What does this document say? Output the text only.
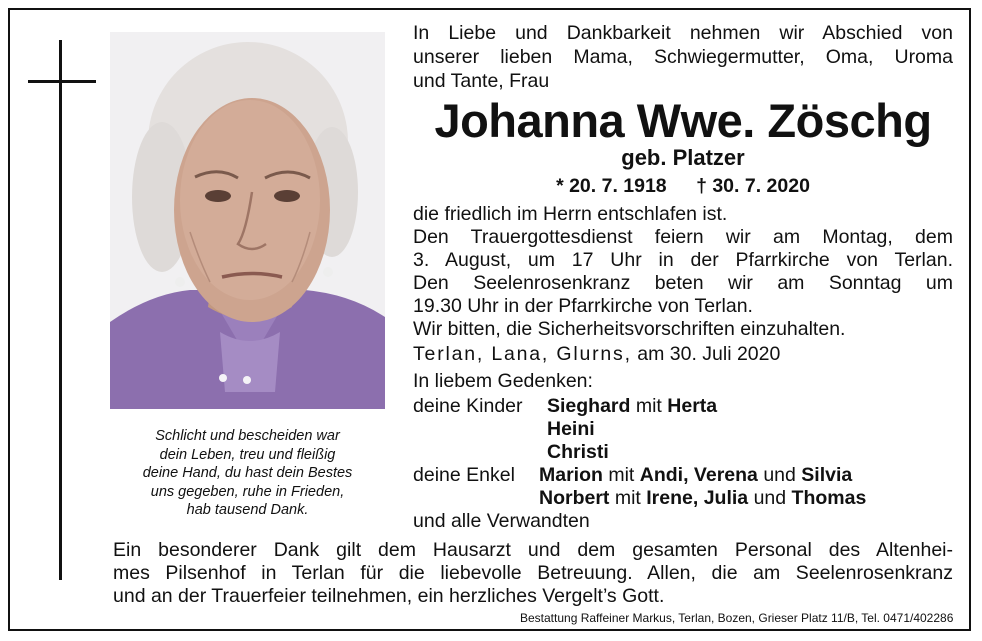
Schlicht und bescheiden war
dein Leben, treu und fleißig
deine Hand, du hast dein Bestes
uns gegeben, ruhe in Frieden,
hab tausend Dank.
In Liebe und Dankbarkeit nehmen wir Abschied von
unserer lieben Mama, Schwiegermutter, Oma, Uroma
und Tante, Frau
Johanna Wwe. Zöschg
geb. Platzer
* 20. 7. 1918 † 30. 7. 2020
die friedlich im Herrn entschlafen ist.
Den Trauergottesdienst feiern wir am Montag, dem
3. August, um 17 Uhr in der Pfarrkirche von Terlan.
Den Seelenrosenkranz beten wir am Sonntag um
19.30 Uhr in der Pfarrkirche von Terlan.
Wir bitten, die Sicherheitsvorschriften einzuhalten.
Terlan, Lana, Glurns, am 30. Juli 2020
In liebem Gedenken:
deine Kinder Sieghard mit Herta
Heini
Christi
deine Enkel Marion mit Andi, Verena und Silvia
Norbert mit Irene, Julia und Thomas
und alle Verwandten
Ein besonderer Dank gilt dem Hausarzt und dem gesamten Personal des Altenhei-
mes Pilsenhof in Terlan für die liebevolle Betreuung. Allen, die am Seelenrosenkranz
und an der Trauerfeier teilnehmen, ein herzliches Vergelt’s Gott.
Bestattung Raffeiner Markus, Terlan, Bozen, Grieser Platz 11/B, Tel. 0471/402286
